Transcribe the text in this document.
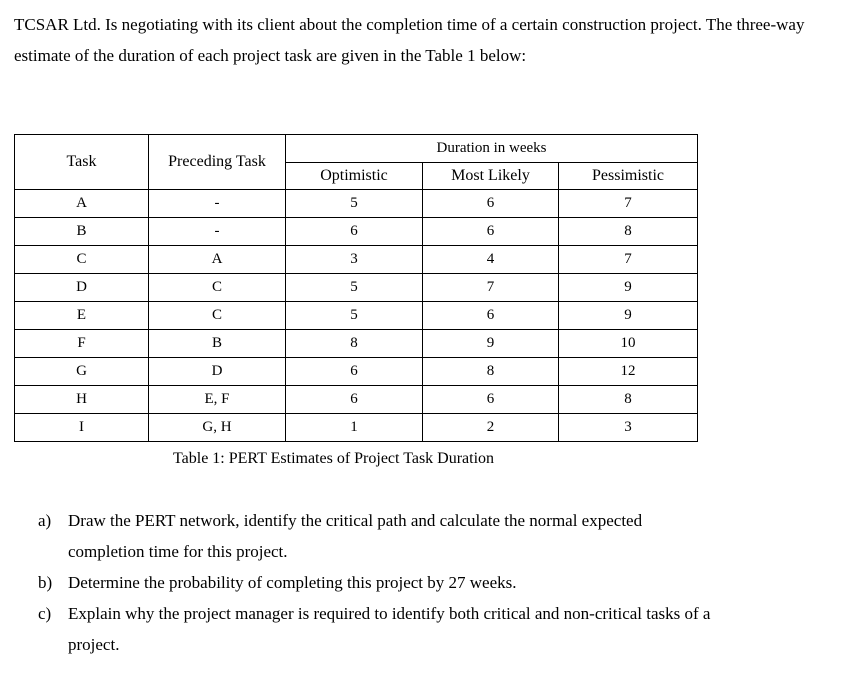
TCSAR Ltd. Is negotiating with its client about the completion time of a certain construction project. The three-way estimate of the duration of each project task are given in the Table 1 below:

Task	Preceding Task	Duration in weeks		
		Optimistic	Most Likely	Pessimistic
A	-	5	6	7
B	-	6	6	8
C	A	3	4	7
D	C	5	7	9
E	C	5	6	9
F	B	8	9	10
G	D	6	8	12
H	E, F	6	6	8
I	G, H	1	2	3
Table 1: PERT Estimates of Project Task Duration
a) Draw the PERT network, identify the critical path and calculate the normal expected completion time for this project.
b) Determine the probability of completing this project by 27 weeks.
c) Explain why the project manager is required to identify both critical and non-critical tasks of a project.
